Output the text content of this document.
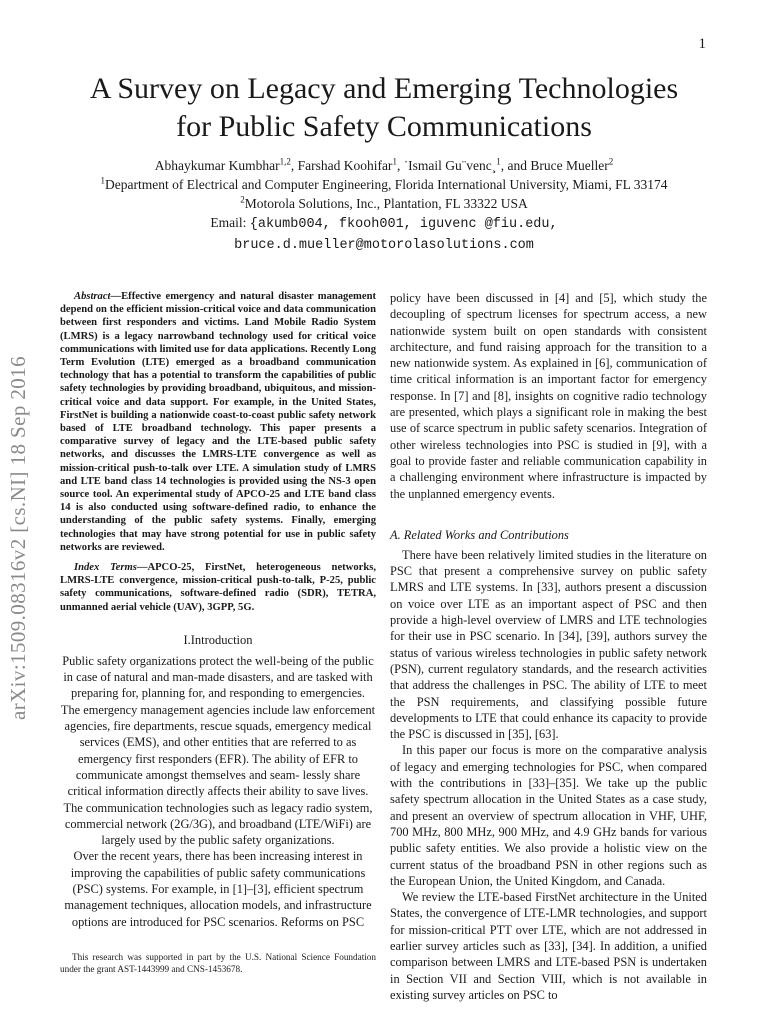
1
A Survey on Legacy and Emerging Technologies
for Public Safety Communications
Abhaykumar Kumbhar$^{1,2}$, Farshad Koohifar$^1$, ˙Ismail Gu¨venc¸$^1$, and Bruce Mueller$^2$
$^1$Department of Electrical and Computer Engineering, Florida International University, Miami, FL 33174
$^2$Motorola Solutions, Inc., Plantation, FL 33322 USA
Email: {akumb004, fkooh001, iguvenc @fiu.edu,
bruce.d.mueller@motorolasolutions.com
arXiv:1509.08316v2 [cs.NI] 18 Sep 2016

Abstract—Effective emergency and natural disaster management depend on the efficient mission-critical voice and data communication between first responders and victims. Land Mobile Radio System (LMRS) is a legacy narrowband technology used for critical voice communications with limited use for data applications. Recently Long Term Evolution (LTE) emerged as a broadband communication technology that has a potential to transform the capabilities of public safety technologies by providing broadband, ubiquitous, and mission-critical voice and data support. For example, in the United States, FirstNet is building a nationwide coast-to-coast public safety network based of LTE broadband technology. This paper presents a comparative survey of legacy and the LTE-based public safety networks, and discusses the LMRS-LTE convergence as well as mission-critical push-to-talk over LTE. A simulation study of LMRS and LTE band class 14 technologies is provided using the NS-3 open source tool. An experimental study of APCO-25 and LTE band class 14 is also conducted using software-defined radio, to enhance the understanding of the public safety systems. Finally, emerging technologies that may have strong potential for use in public safety networks are reviewed.

Index Terms—APCO-25, FirstNet, heterogeneous networks, LMRS-LTE convergence, mission-critical push-to-talk, P-25, public safety communications, software-defined radio (SDR), TETRA, unmanned aerial vehicle (UAV), 3GPP, 5G.

I.Introduction

Public safety organizations protect the well-being of the public in case of natural and man-made disasters, and are tasked with preparing for, planning for, and responding to emergencies. The emergency management agencies include law enforcement agencies, fire departments, rescue squads, emergency medical services (EMS), and other entities that are referred to as emergency first responders (EFR). The ability of EFR to communicate amongst themselves and seam- lessly share critical information directly affects their ability to save lives. The communication technologies such as legacy radio system, commercial network (2G/3G), and broadband (LTE/WiFi) are largely used by the public safety organizations.

Over the recent years, there has been increasing interest in improving the capabilities of public safety communications (PSC) systems. For example, in [1]–[3], efficient spectrum management techniques, allocation models, and infrastructure options are introduced for PSC scenarios. Reforms on PSC

policy have been discussed in [4] and [5], which study the decoupling of spectrum licenses for spectrum access, a new nationwide system built on open standards with consistent architecture, and fund raising approach for the transition to a new nationwide system. As explained in [6], communication of time critical information is an important factor for emergency response. In [7] and [8], insights on cognitive radio technology are presented, which plays a significant role in making the best use of scarce spectrum in public safety scenarios. Integration of other wireless technologies into PSC is studied in [9], with a goal to provide faster and reliable communication capability in a challenging environment where infrastructure is impacted by the unplanned emergency events.

A. Related Works and Contributions

There have been relatively limited studies in the literature on PSC that present a comprehensive survey on public safety LMRS and LTE systems. In [33], authors present a discussion on voice over LTE as an important aspect of PSC and then provide a high-level overview of LMRS and LTE technologies for their use in PSC scenario. In [34], [39], authors survey the status of various wireless technologies in public safety network (PSN), current regulatory standards, and the research activities that address the challenges in PSC. The ability of LTE to meet the PSN requirements, and classifying possible future developments to LTE that could enhance its capacity to provide the PSC is discussed in [35], [63].

In this paper our focus is more on the comparative analysis of legacy and emerging technologies for PSC, when compared with the contributions in [33]–[35]. We take up the public safety spectrum allocation in the United States as a case study, and present an overview of spectrum allocation in VHF, UHF, 700 MHz, 800 MHz, 900 MHz, and 4.9 GHz bands for various public safety entities. We also provide a holistic view on the current status of the broadband PSN in other regions such as the European Union, the United Kingdom, and Canada.

We review the LTE-based FirstNet architecture in the United States, the convergence of LTE-LMR technologies, and support for mission-critical PTT over LTE, which are not addressed in earlier survey articles such as [33], [34]. In addition, a unified comparison between LMRS and LTE-based PSN is undertaken in Section VII and Section VIII, which is not available in existing survey articles on PSC to

This research was supported in part by the U.S. National Science Foundation under the grant AST-1443999 and CNS-1453678.
